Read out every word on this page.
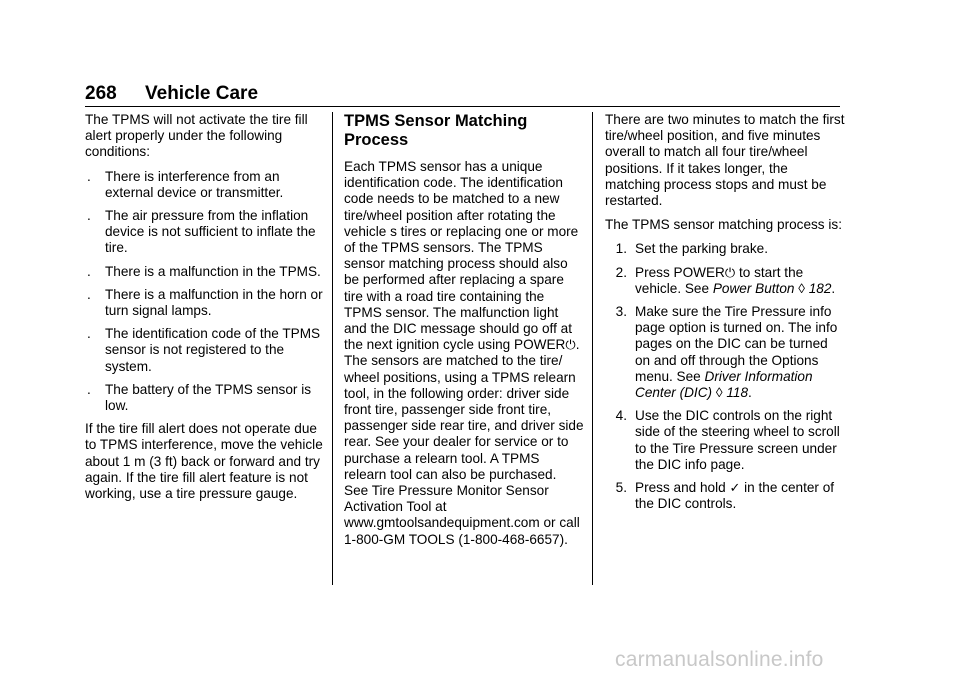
268 Vehicle Care

The TPMS will not activate the tire fill alert properly under the following conditions:

.	There is interference from an external device or transmitter.
.	The air pressure from the inflation device is not sufficient to inflate the tire.
.	There is a malfunction in the TPMS.
.	There is a malfunction in the horn or turn signal lamps.
.	The identification code of the TPMS sensor is not registered to the system.
.	The battery of the TPMS sensor is low.

If the tire fill alert does not operate due to TPMS interference, move the vehicle about 1 m (3 ft) back or forward and try again. If the tire fill alert feature is not working, use a tire pressure gauge.

TPMS Sensor Matching Process

Each TPMS sensor has a unique identification code. The identification code needs to be matched to a new tire/wheel position after rotating the vehicle s tires or replacing one or more of the TPMS sensors. The TPMS sensor matching process should also be performed after replacing a spare tire with a road tire containing the TPMS sensor. The malfunction light and the DIC message should go off at the next ignition cycle using POWER⏻. The sensors are matched to the tire/ wheel positions, using a TPMS relearn tool, in the following order: driver side front tire, passenger side front tire, passenger side rear tire, and driver side rear. See your dealer for service or to purchase a relearn tool. A TPMS relearn tool can also be purchased. See Tire Pressure Monitor Sensor Activation Tool at www.gmtoolsandequipment.com or call 1-800-GM TOOLS (1-800-468-6657).

There are two minutes to match the first tire/wheel position, and five minutes overall to match all four tire/wheel positions. If it takes longer, the matching process stops and must be restarted.

The TPMS sensor matching process is:

1. Set the parking brake.
2. Press POWER⏻ to start the vehicle. See Power Button ◊ 182.
3. Make sure the Tire Pressure info page option is turned on. The info pages on the DIC can be turned on and off through the Options menu. See Driver Information Center (DIC) ◊ 118.
4. Use the DIC controls on the right side of the steering wheel to scroll to the Tire Pressure screen under the DIC info page.
5. Press and hold ✓ in the center of the DIC controls.
carmanualsonline.info
